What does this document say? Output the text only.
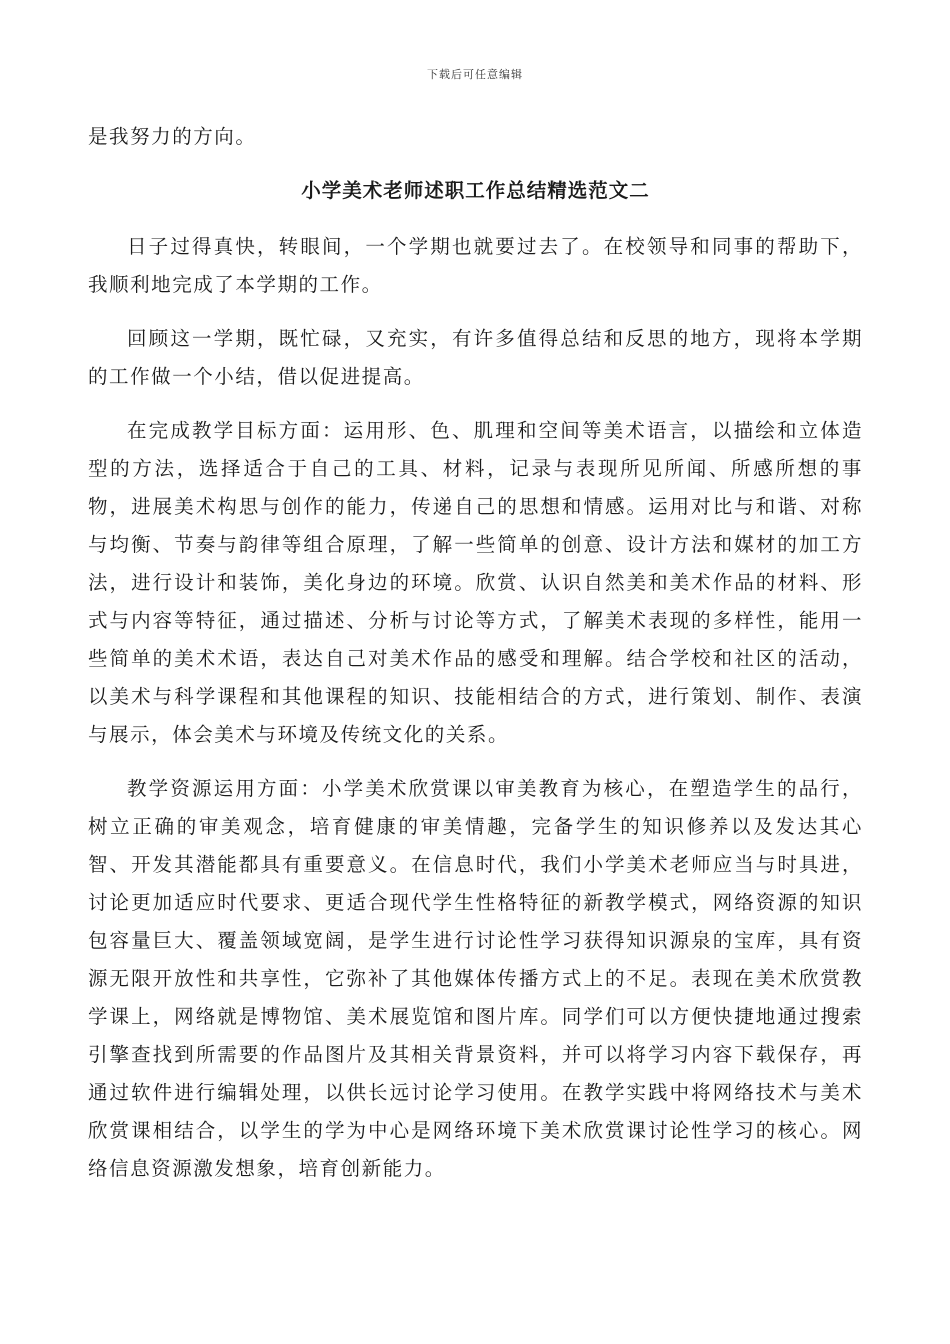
下载后可任意编辑

是我努力的方向。

小学美术老师述职工作总结精选范文二

日子过得真快，转眼间，一个学期也就要过去了。在校领导和同事的帮助下，我顺利地完成了本学期的工作。

回顾这一学期，既忙碌，又充实，有许多值得总结和反思的地方，现将本学期的工作做一个小结，借以促进提高。

在完成教学目标方面：运用形、色、肌理和空间等美术语言，以描绘和立体造型的方法，选择适合于自己的工具、材料，记录与表现所见所闻、所感所想的事物，进展美术构思与创作的能力，传递自己的思想和情感。运用对比与和谐、对称与均衡、节奏与韵律等组合原理，了解一些简单的创意、设计方法和媒材的加工方法，进行设计和装饰，美化身边的环境。欣赏、认识自然美和美术作品的材料、形式与内容等特征，通过描述、分析与讨论等方式，了解美术表现的多样性，能用一些简单的美术术语，表达自己对美术作品的感受和理解。结合学校和社区的活动，以美术与科学课程和其他课程的知识、技能相结合的方式，进行策划、制作、表演与展示，体会美术与环境及传统文化的关系。

教学资源运用方面：小学美术欣赏课以审美教育为核心，在塑造学生的品行，树立正确的审美观念，培育健康的审美情趣，完备学生的知识修养以及发达其心智、开发其潜能都具有重要意义。在信息时代，我们小学美术老师应当与时具进，讨论更加适应时代要求、更适合现代学生性格特征的新教学模式，网络资源的知识包容量巨大、覆盖领域宽阔，是学生进行讨论性学习获得知识源泉的宝库，具有资源无限开放性和共享性，它弥补了其他媒体传播方式上的不足。表现在美术欣赏教学课上，网络就是博物馆、美术展览馆和图片库。同学们可以方便快捷地通过搜索引擎查找到所需要的作品图片及其相关背景资料，并可以将学习内容下载保存，再通过软件进行编辑处理，以供长远讨论学习使用。在教学实践中将网络技术与美术欣赏课相结合，以学生的学为中心是网络环境下美术欣赏课讨论性学习的核心。网络信息资源激发想象，培育创新能力。
